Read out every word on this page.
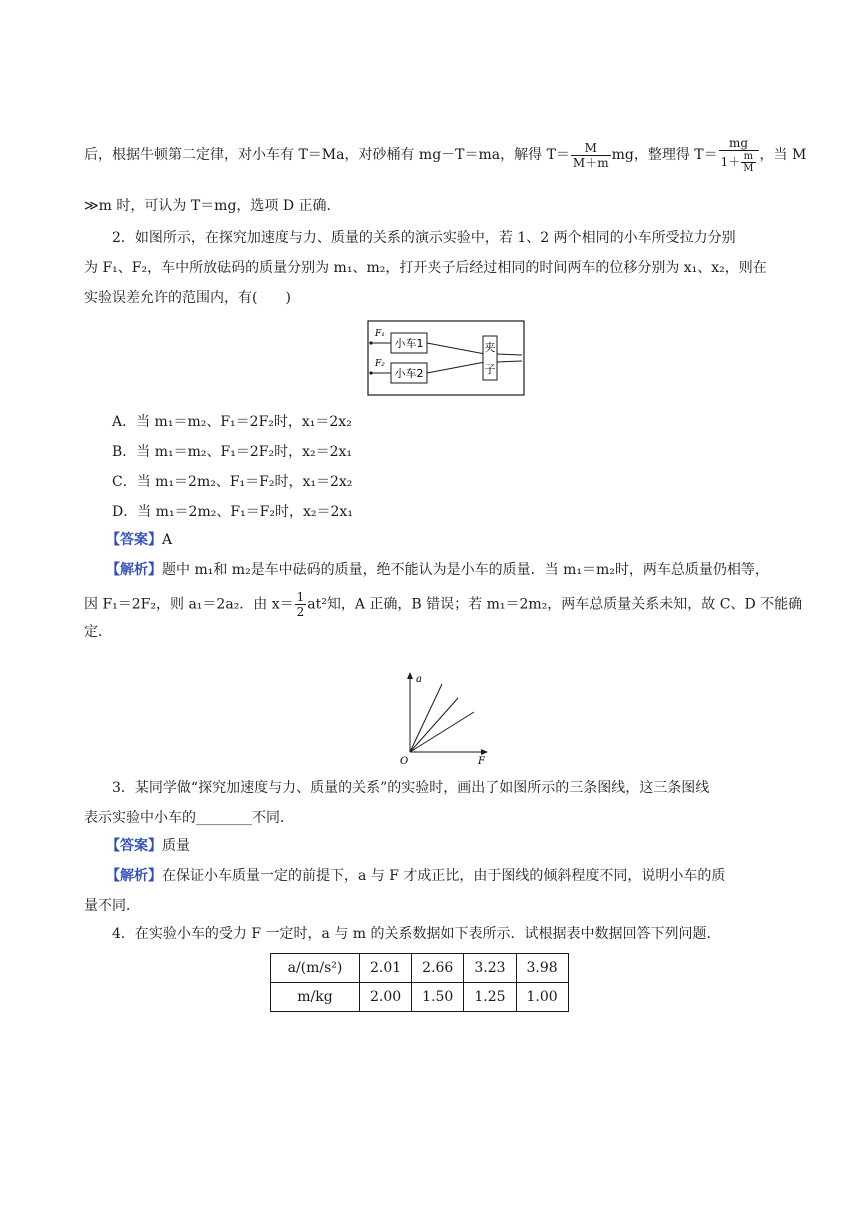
后，根据牛顿第二定律，对小车有 T＝Ma，对砂桶有 mg－T＝ma，解得 $T= \frac{M}{M+m}$ mg，整理得 $T= \frac{mg}{1+ \frac{m}{M}}$ ，当 M
≫m 时，可认为 T＝mg，选项 D 正确．
2．如图所示，在探究加速度与力、质量的关系的演示实验中，若 1、2 两个相同的小车所受拉力分别
为 F₁、F₂，车中所放砝码的质量分别为 m₁、m₂，打开夹子后经过相同的时间两车的位移分别为 x₁、x₂，则在
实验误差允许的范围内，有(　　)
F₁
F₂
小车1
小车2
夹
子
A．当 m₁＝m₂、F₁＝2F₂时，x₁＝2x₂
B．当 m₁＝m₂、F₁＝2F₂时，x₂＝2x₁
C．当 m₁＝2m₂、F₁＝F₂时，x₁＝2x₂
D．当 m₁＝2m₂、F₁＝F₂时，x₂＝2x₁
【答案】A
【解析】题中 m₁和 m₂是车中砝码的质量，绝不能认为是小车的质量．当 m₁＝m₂时，两车总质量仍相等，
因 F₁＝2F₂，则 a₁＝2a₂．由 $x= \frac{1}{2} at^2$知，A 正确，B 错误；若 m₁＝2m₂，两车总质量关系未知，故 C、D 不能确
定．
a
F
O
3．某同学做“探究加速度与力、质量的关系”的实验时，画出了如图所示的三条图线，这三条图线
表示实验中小车的________不同．
【答案】质量
【解析】在保证小车质量一定的前提下，a 与 F 才成正比，由于图线的倾斜程度不同，说明小车的质
量不同．
4．在实验小车的受力 F 一定时，a 与 m 的关系数据如下表所示．试根据表中数据回答下列问题．
a/(m/s²)	2.01	2.66	3.23	3.98
m/kg	2.00	1.50	1.25	1.00
